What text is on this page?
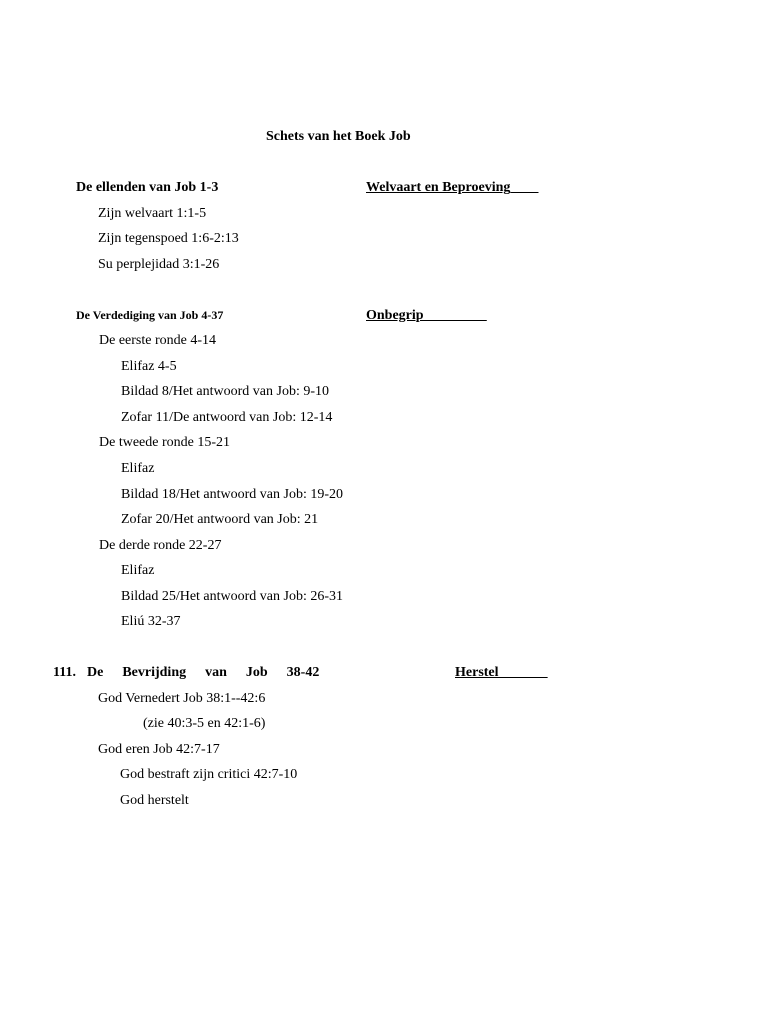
Schets van het Boek Job
De ellenden van Job 1-3	Welvaart en Beproeving____
Zijn welvaart 1:1-5
Zijn tegenspoed 1:6-2:13
Su perplejidad 3:1-26
De Verdediging van Job 4-37	Onbegrip_________
De eerste ronde 4-14
Elifaz 4-5
Bildad 8/Het antwoord van Job: 9-10
Zofar 11/De antwoord van Job: 12-14
De tweede ronde 15-21
Elifaz
Bildad 18/Het antwoord van Job: 19-20
Zofar 20/Het antwoord van Job: 21
De derde ronde 22-27
Elifaz
Bildad 25/Het antwoord van Job: 26-31
Eliú 32-37
111. De  Bevrijding  van  Job  38-42	Herstel_______
God Vernedert Job 38:1--42:6
(zie 40:3-5 en 42:1-6)
God eren Job 42:7-17
God bestraft zijn critici 42:7-10
God herstelt
